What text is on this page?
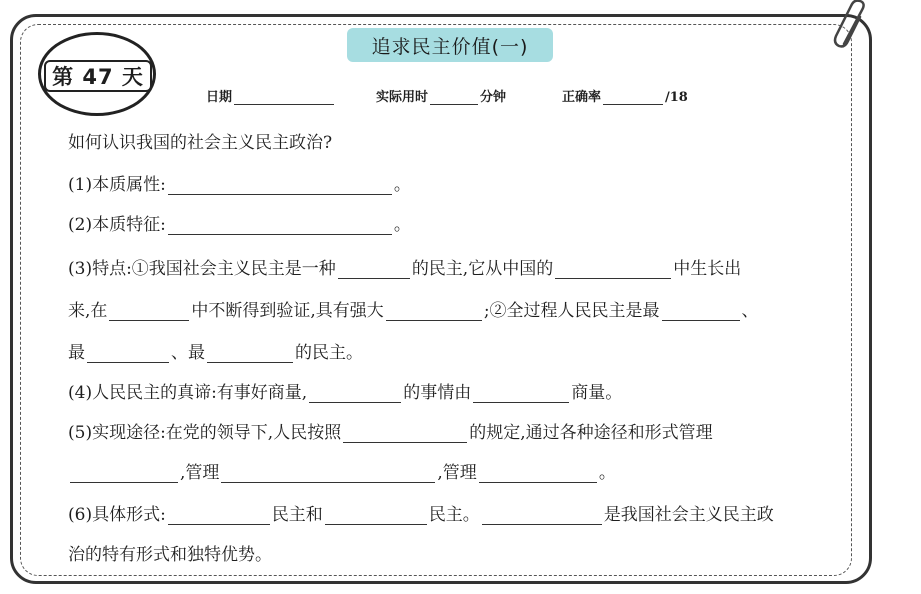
第 47 天
追求民主价值(一)
日期	实际用时	分钟	正确率	/18
如何认识我国的社会主义民主政治?
(1)本质属性:	。
(2)本质特征:	。
(3)特点:①我国社会主义民主是一种	的民主,它从中国的	中生长出
来,在	中不断得到验证,具有强大	;②全过程人民民主是最	、
最	、最	的民主。
(4)人民民主的真谛:有事好商量,	的事情由	商量。
(5)实现途径:在党的领导下,人民按照	的规定,通过各种途径和形式管理
,管理	,管理	。
(6)具体形式:	民主和	民主。	是我国社会主义民主政
治的特有形式和独特优势。
